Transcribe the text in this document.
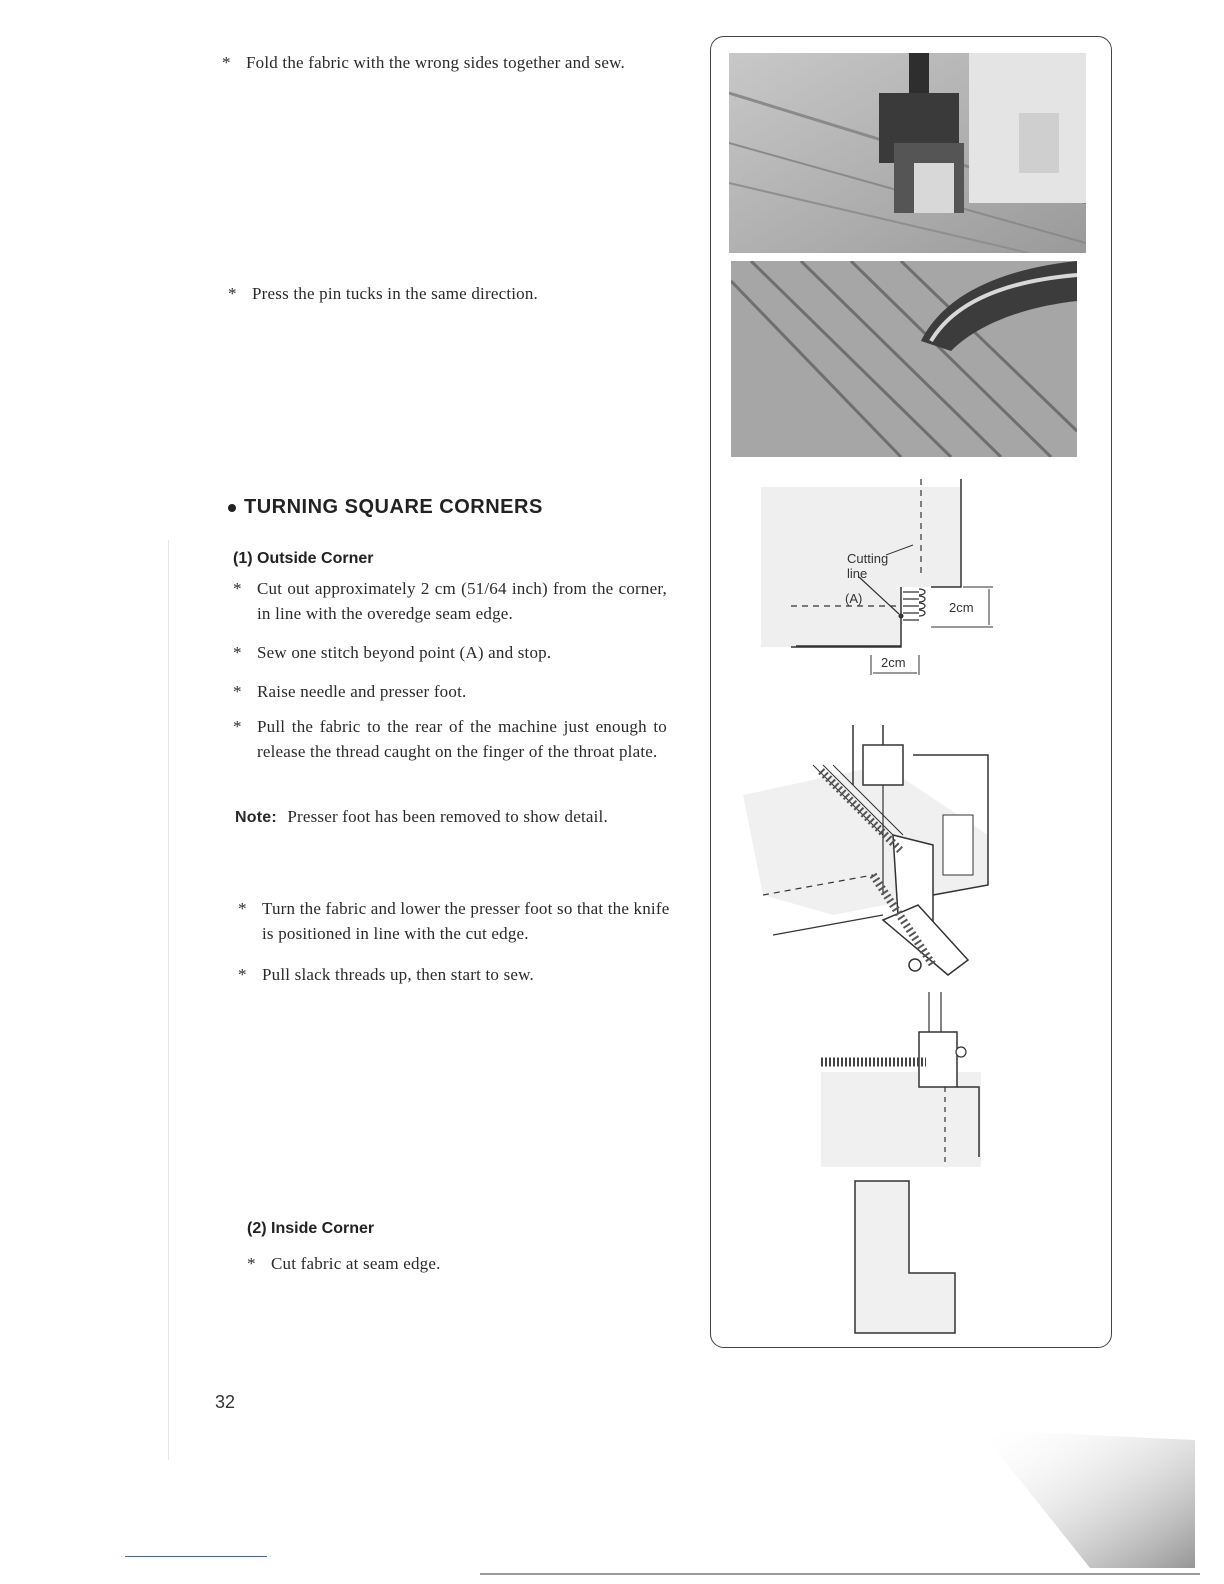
* Fold the fabric with the wrong sides together and sew.
* Press the pin tucks in the same direction.
TURNING SQUARE CORNERS
(1) Outside Corner
* Cut out approximately 2 cm (51/64 inch) from the corner, in line with the overedge seam edge.
* Sew one stitch beyond point (A) and stop.
* Raise needle and presser foot.
* Pull the fabric to the rear of the machine just enough to release the thread caught on the finger of the throat plate.
Note: Presser foot has been removed to show detail.
* Turn the fabric and lower the presser foot so that the knife is positioned in line with the cut edge.
* Pull slack threads up, then start to sew.
(2) Inside Corner
* Cut fabric at seam edge.
32
Cutting
line
(A)
2cm
2cm
